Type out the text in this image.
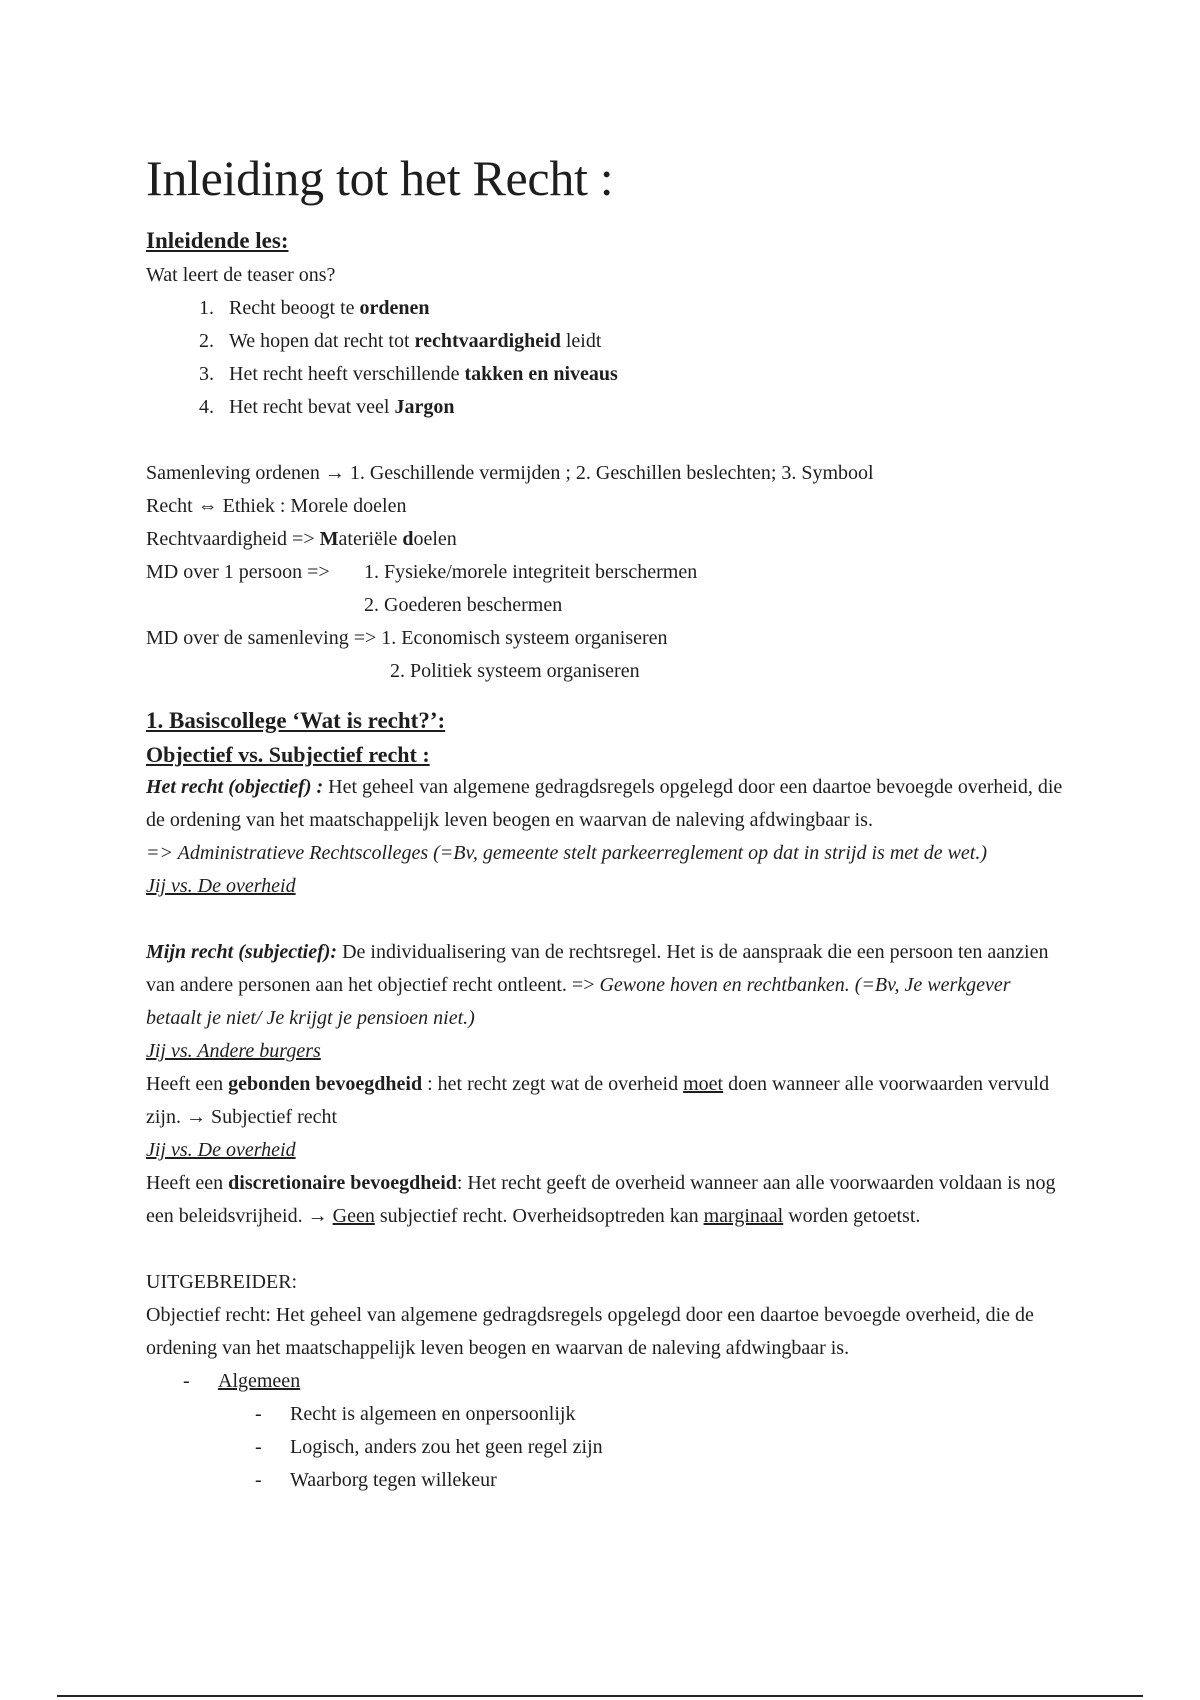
Inleiding tot het Recht :

Inleidende les:

Wat leert de teaser ons?

1. Recht beoogt te ordenen
2. We hopen dat recht tot rechtvaardigheid leidt
3. Het recht heeft verschillende takken en niveaus
4. Het recht bevat veel Jargon

Samenleving ordenen → 1. Geschillende vermijden ; 2. Geschillen beslechten; 3. Symbool

Recht ⇔ Ethiek : Morele doelen

Rechtvaardigheid => Materiële doelen

MD over 1 persoon =>1. Fysieke/morele integriteit berschermen

2. Goederen beschermen

MD over de samenleving => 1. Economisch systeem organiseren

2. Politiek systeem organiseren

1. Basiscollege ‘Wat is recht?’:

Objectief vs. Subjectief recht :

Het recht (objectief) : Het geheel van algemene gedragdsregels opgelegd door een daartoe bevoegde overheid, die de ordening van het maatschappelijk leven beogen en waarvan de naleving afdwingbaar is.

=> Administratieve Rechtscolleges (=Bv, gemeente stelt parkeerreglement op dat in strijd is met de wet.)

Jij vs. De overheid

Mijn recht (subjectief): De individualisering van de rechtsregel. Het is de aanspraak die een persoon ten aanzien van andere personen aan het objectief recht ontleent. => Gewone hoven en rechtbanken. (=Bv, Je werkgever betaalt je niet/ Je krijgt je pensioen niet.)

Jij vs. Andere burgers

Heeft een gebonden bevoegdheid : het recht zegt wat de overheid moet doen wanneer alle voorwaarden vervuld zijn. → Subjectief recht

Jij vs. De overheid

Heeft een discretionaire bevoegdheid: Het recht geeft de overheid wanneer aan alle voorwaarden voldaan is nog een beleidsvrijheid. → Geen subjectief recht. Overheidsoptreden kan marginaal worden getoetst.

UITGEBREIDER:

Objectief recht: Het geheel van algemene gedragdsregels opgelegd door een daartoe bevoegde overheid, die de ordening van het maatschappelijk leven beogen en waarvan de naleving afdwingbaar is.

- Algemeen
- Recht is algemeen en onpersoonlijk
- Logisch, anders zou het geen regel zijn
- Waarborg tegen willekeur
